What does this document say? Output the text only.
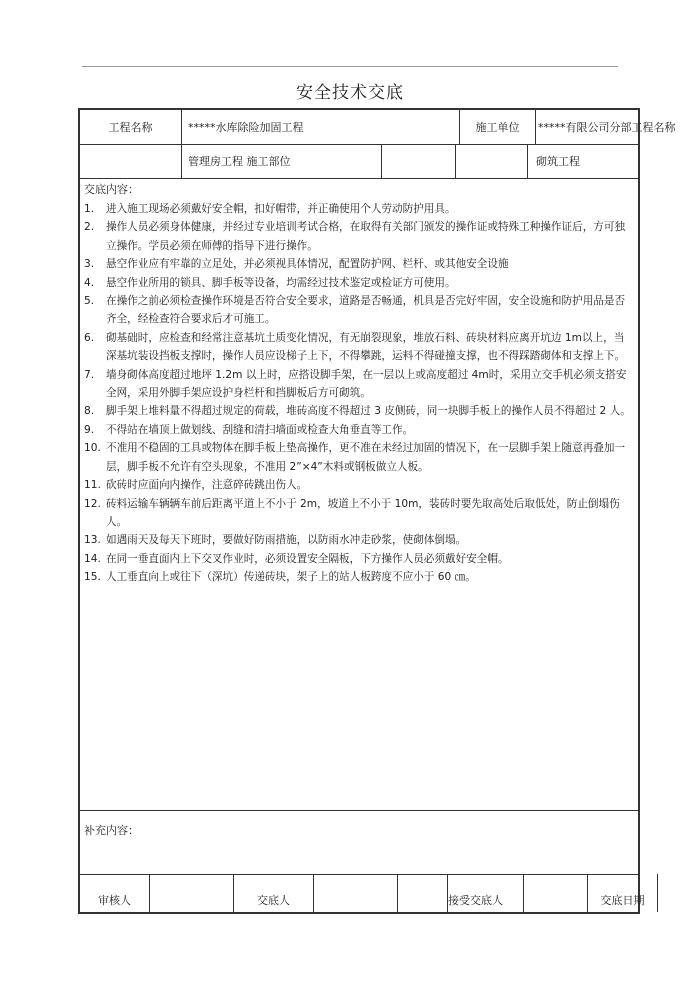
安全技术交底
工程名称	*****水库除险加固工程	施工单位	*****有限公司分部工程名称
管理房工程 施工部位	砌筑工程
交底内容：
1. 进入施工现场必须戴好安全帽，扣好帽带，并正确使用个人劳动防护用具。
2. 操作人员必须身体健康，并经过专业培训考试合格，在取得有关部门颁发的操作证或特殊工种操作证后，方可独立操作。学员必须在师傅的指导下进行操作。
3. 悬空作业应有牢靠的立足处，并必须视具体情况，配置防护网、栏杆、或其他安全设施
4. 悬空作业所用的锁具、脚手板等设备，均需经过技术鉴定或检证方可使用。
5. 在操作之前必须检查操作环境是否符合安全要求，道路是否畅通，机具是否完好牢固，安全设施和防护用品是否齐全，经检查符合要求后才可施工。
6. 砌基础时，应检查和经常注意基坑土质变化情况，有无崩裂现象，堆放石料、砖块材料应离开坑边 1m以上，当深基坑装设挡板支撑时，操作人员应设梯子上下，不得攀跳，运料不得碰撞支撑，也不得踩踏砌体和支撑上下。
7. 墙身砌体高度超过地坪 1.2m 以上时，应搭设脚手架，在一层以上或高度超过 4m时，采用立交手机必须支搭安全网，采用外脚手架应设护身栏杆和挡脚板后方可砌筑。
8. 脚手架上堆料量不得超过规定的荷载，堆砖高度不得超过 3 皮侧砖，同一块脚手板上的操作人员不得超过 2 人。
9. 不得站在墙顶上做划线、刮缝和清扫墙面或检查大角垂直等工作。
10. 不准用不稳固的工具或物体在脚手板上垫高操作，更不准在未经过加固的情况下，在一层脚手架上随意再叠加一层，脚手板不允许有空头现象，不准用 2”×4”木料或钢板做立人板。
11. 砍砖时应面向内操作，注意碎砖跳出伤人。
12. 砖料运输车辆辆车前后距离平道上不小于 2m，坡道上不小于 10m，装砖时要先取高处后取低处，防止倒塌伤人。
13. 如遇雨天及每天下班时，要做好防雨措施，以防雨水冲走砂浆，使砌体倒塌。
14. 在同一垂直面内上下交叉作业时，必须设置安全隔板，下方操作人员必须戴好安全帽。
15. 人工垂直向上或往下（深坑）传递砖块，架子上的站人板跨度不应小于 60 ㎝。
补充内容：
审核人	交底人	接受交底人	交底日期
